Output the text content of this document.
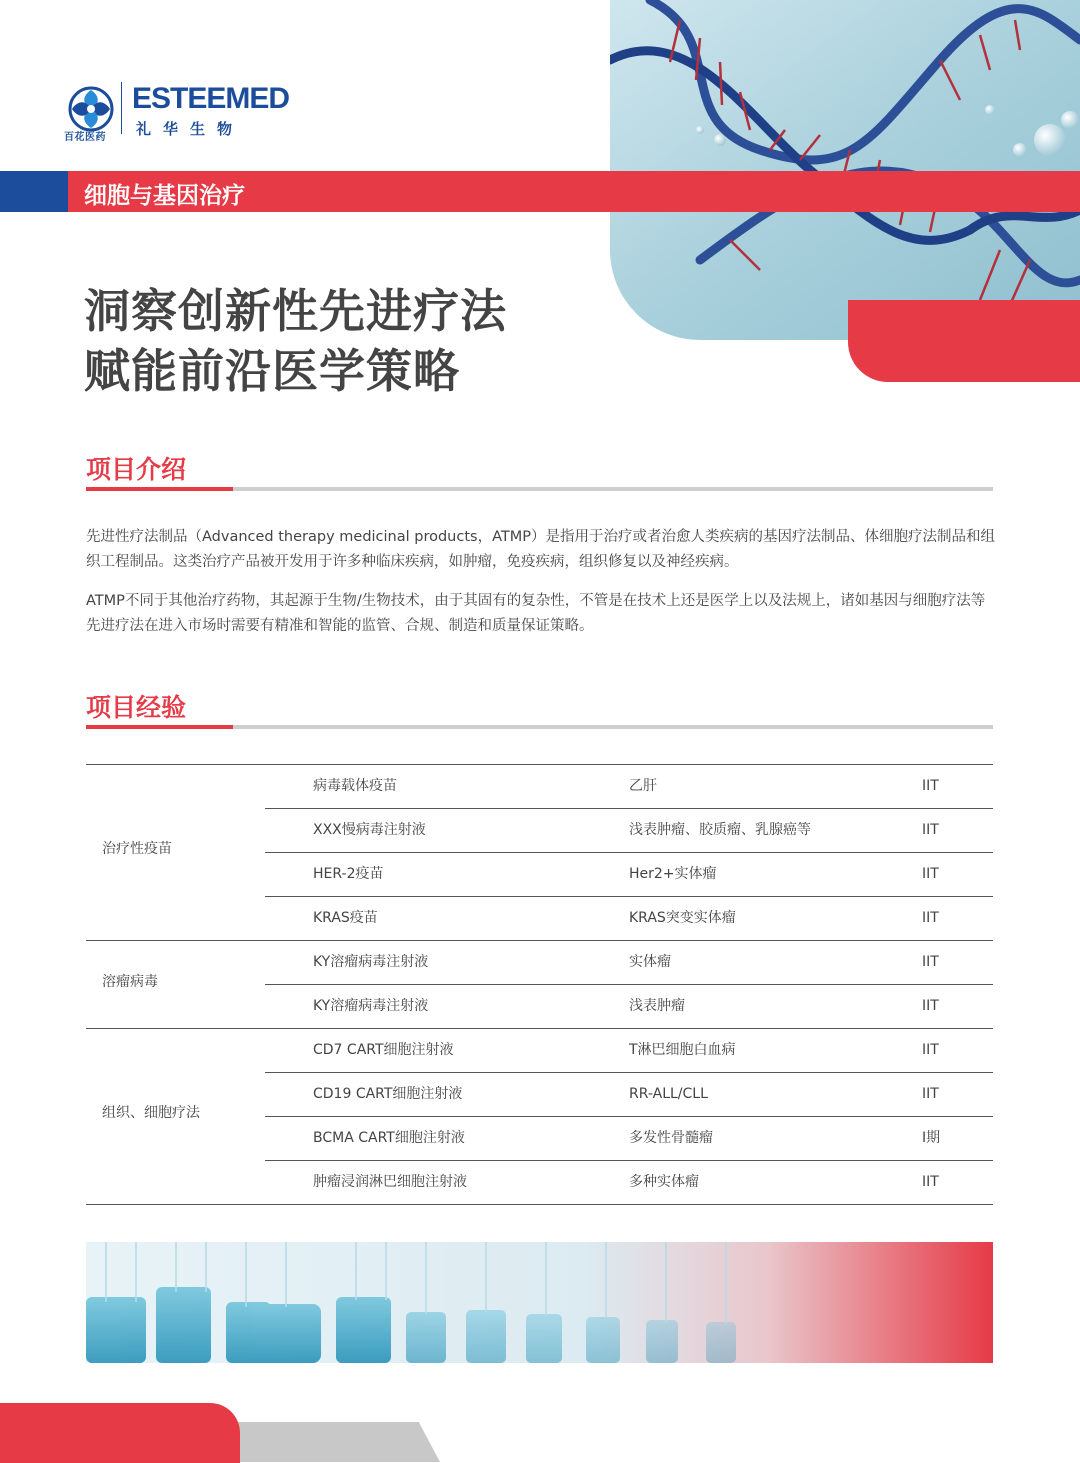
百花医药
ESTEEMED
礼华生物
细胞与基因治疗
洞察创新性先进疗法
赋能前沿医学策略
项目介绍
先进性疗法制品（Advanced therapy medicinal products，ATMP）是指用于治疗或者治愈人类疾病的基因疗法制品、体细胞疗法制品和组织工程制品。这类治疗产品被开发用于许多种临床疾病，如肿瘤，免疫疾病，组织修复以及神经疾病。
ATMP不同于其他治疗药物，其起源于生物/生物技术，由于其固有的复杂性，不管是在技术上还是医学上以及法规上，诸如基因与细胞疗法等先进疗法在进入市场时需要有精准和智能的监管、合规、制造和质量保证策略。
项目经验
治疗性疫苗
病毒载体疫苗	乙肝	IIT
XXX慢病毒注射液	浅表肿瘤、胶质瘤、乳腺癌等	IIT
HER-2疫苗	Her2+实体瘤	IIT
KRAS疫苗	KRAS突变实体瘤	IIT
溶瘤病毒
KY溶瘤病毒注射液	实体瘤	IIT
KY溶瘤病毒注射液	浅表肿瘤	IIT
组织、细胞疗法
CD7 CART细胞注射液	T淋巴细胞白血病	IIT
CD19 CART细胞注射液	RR-ALL/CLL	IIT
BCMA CART细胞注射液	多发性骨髓瘤	I期
肿瘤浸润淋巴细胞注射液	多种实体瘤	IIT
